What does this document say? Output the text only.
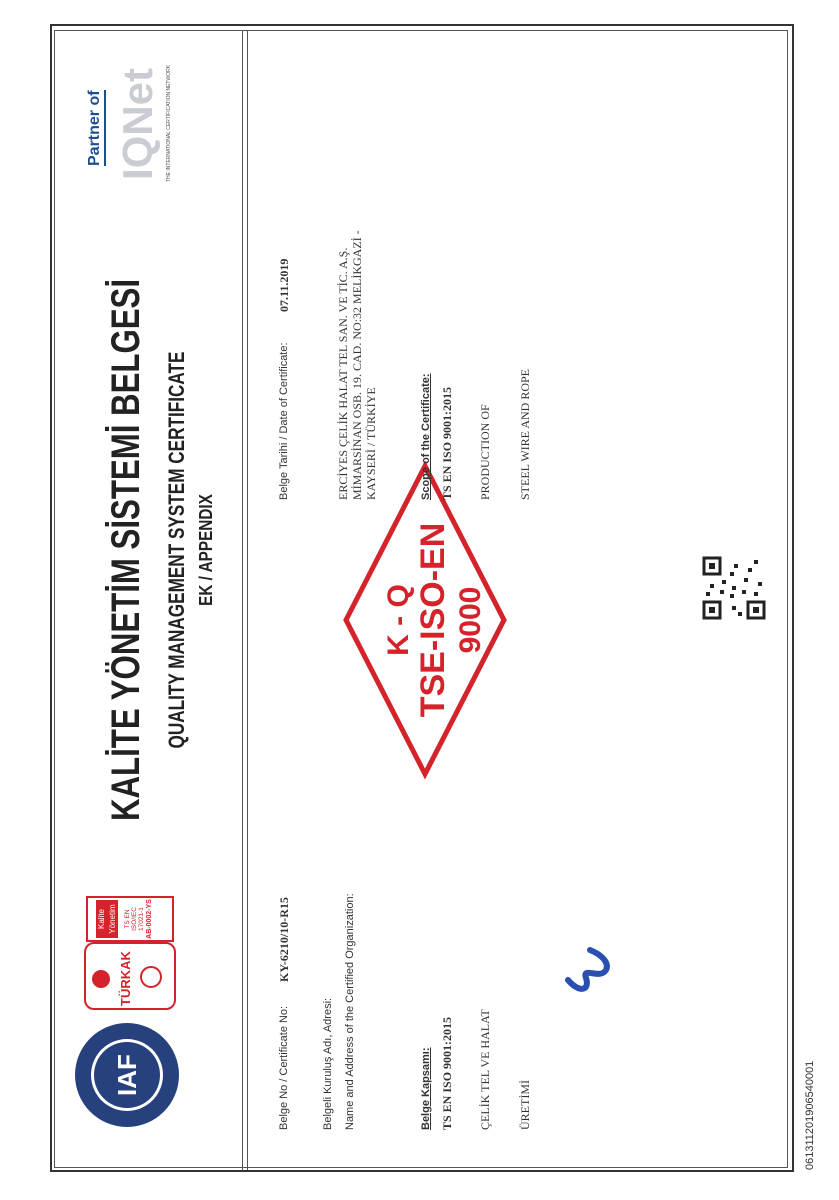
IAF
TÜRKAK
Kalite Yönetim TS EN ISO/IEC 17021-1 AB-0002-YS
KALİTE YÖNETİM SİSTEMİ BELGESİ QUALITY MANAGEMENT SYSTEM CERTIFICATE EK / APPENDIX
Partner of IQNet THE INTERNATIONAL CERTIFICATION NETWORK
Belge No / Certificate No:
KY-6210/10-R15
Belgeli Kuruluş Adı, Adresi: Name and Address of the Certified Organization:	Belge Kapsamı: TS EN ISO 9001:2015 ÇELİK TEL VE HALAT ÜRETİMİ
K - Q TSE-ISO-EN 9000
Belge Tarihi / Date of Certificate:
07.11.2019	ERCİYES ÇELİK HALAT TEL SAN. VE TİC. A.Ş. MİMARSİNAN OSB. 19. CAD. NO:32 MELİKGAZİ - KAYSERİ / TÜRKİYE	Scope of the Certificate: TS EN ISO 9001:2015 PRODUCTION OF STEEL WIRE AND ROPE
061311201906540001
